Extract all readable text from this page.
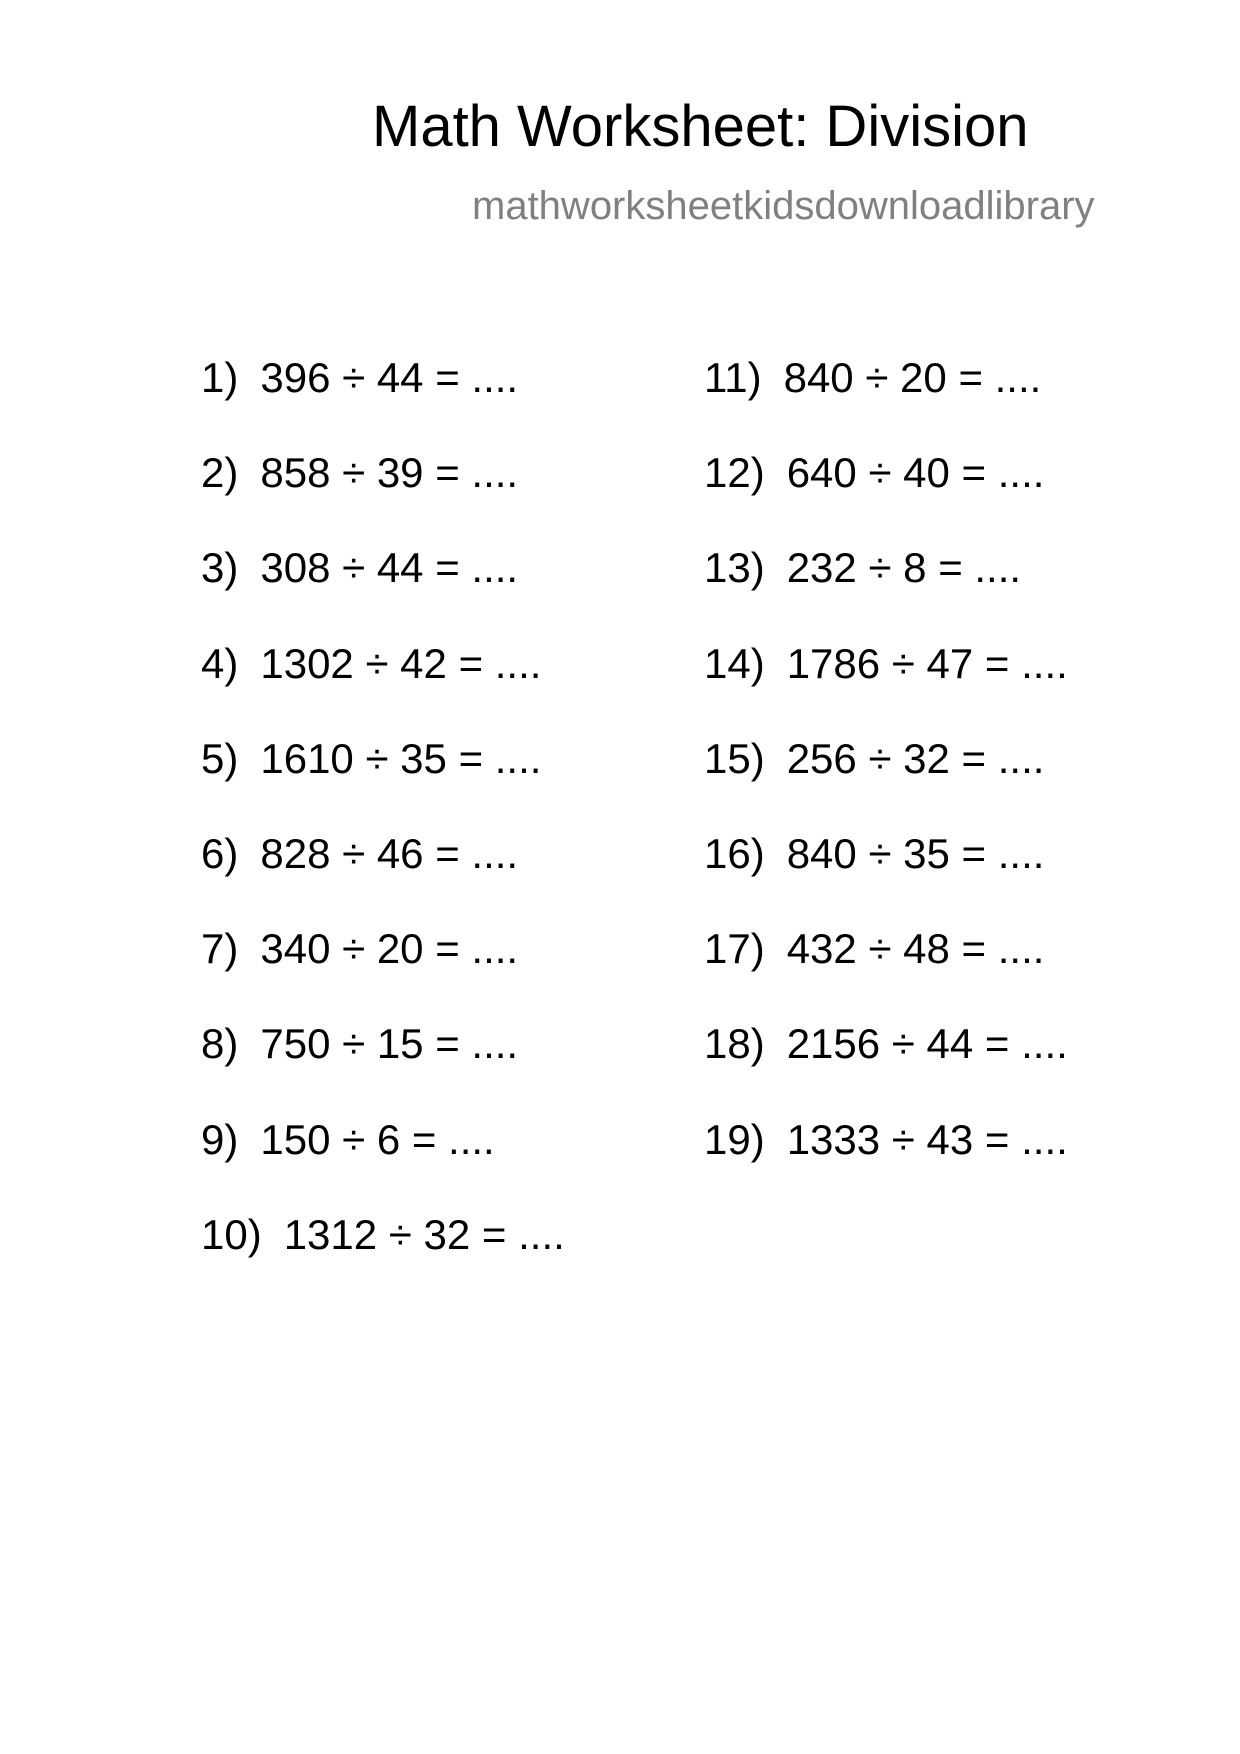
Math Worksheet: Division
mathworksheetkidsdownloadlibrary
1) 396 ÷ 44 = ....
2) 858 ÷ 39 = ....
3) 308 ÷ 44 = ....
4) 1302 ÷ 42 = ....
5) 1610 ÷ 35 = ....
6) 828 ÷ 46 = ....
7) 340 ÷ 20 = ....
8) 750 ÷ 15 = ....
9) 150 ÷ 6 = ....
10) 1312 ÷ 32 = ....
11) 840 ÷ 20 = ....
12) 640 ÷ 40 = ....
13) 232 ÷ 8 = ....
14) 1786 ÷ 47 = ....
15) 256 ÷ 32 = ....
16) 840 ÷ 35 = ....
17) 432 ÷ 48 = ....
18) 2156 ÷ 44 = ....
19) 1333 ÷ 43 = ....
